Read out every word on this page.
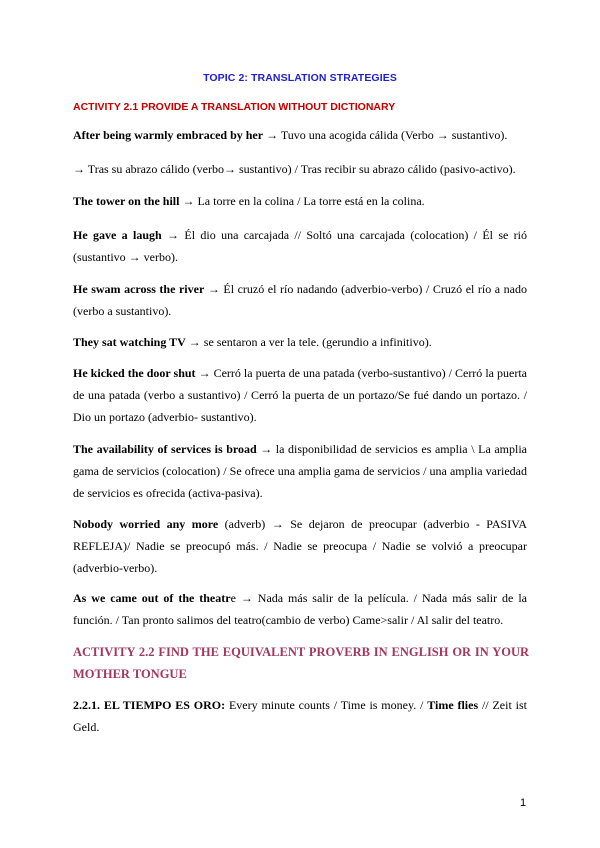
TOPIC 2: TRANSLATION STRATEGIES
ACTIVITY 2.1 PROVIDE A TRANSLATION WITHOUT DICTIONARY
After being warmly embraced by her → Tuvo una acogida cálida (Verbo → sustantivo).
→ Tras su abrazo cálido (verbo→ sustantivo) / Tras recibir su abrazo cálido (pasivo-activo).
The tower on the hill → La torre en la colina / La torre está en la colina.
He gave a laugh → Él dio una carcajada // Soltó una carcajada (colocation) / Él se rió (sustantivo → verbo).
He swam across the river → Él cruzó el río nadando (adverbio-verbo) / Cruzó el río a nado (verbo a sustantivo).
They sat watching TV → se sentaron a ver la tele. (gerundio a infinitivo).
He kicked the door shut → Cerró la puerta de una patada (verbo-sustantivo) / Cerró la puerta de una patada (verbo a sustantivo) / Cerró la puerta de un portazo/Se fué dando un portazo. / Dio un portazo (adverbio- sustantivo).
The availability of services is broad → la disponibilidad de servicios es amplia \ La amplia gama de servicios (colocation) / Se ofrece una amplia gama de servicios / una amplia variedad de servicios es ofrecida (activa-pasiva).
Nobody worried any more (adverb) → Se dejaron de preocupar (adverbio - PASIVA REFLEJA)/ Nadie se preocupó más. / Nadie se preocupa / Nadie se volvió a preocupar (adverbio-verbo).
As we came out of the theatre → Nada más salir de la película. / Nada más salir de la función. / Tan pronto salimos del teatro(cambio de verbo) Came>salir / Al salir del teatro.
ACTIVITY 2.2 FIND THE EQUIVALENT PROVERB IN ENGLISH OR IN YOUR MOTHER TONGUE
2.2.1. EL TIEMPO ES ORO: Every minute counts / Time is money. / Time flies // Zeit ist Geld.
1
